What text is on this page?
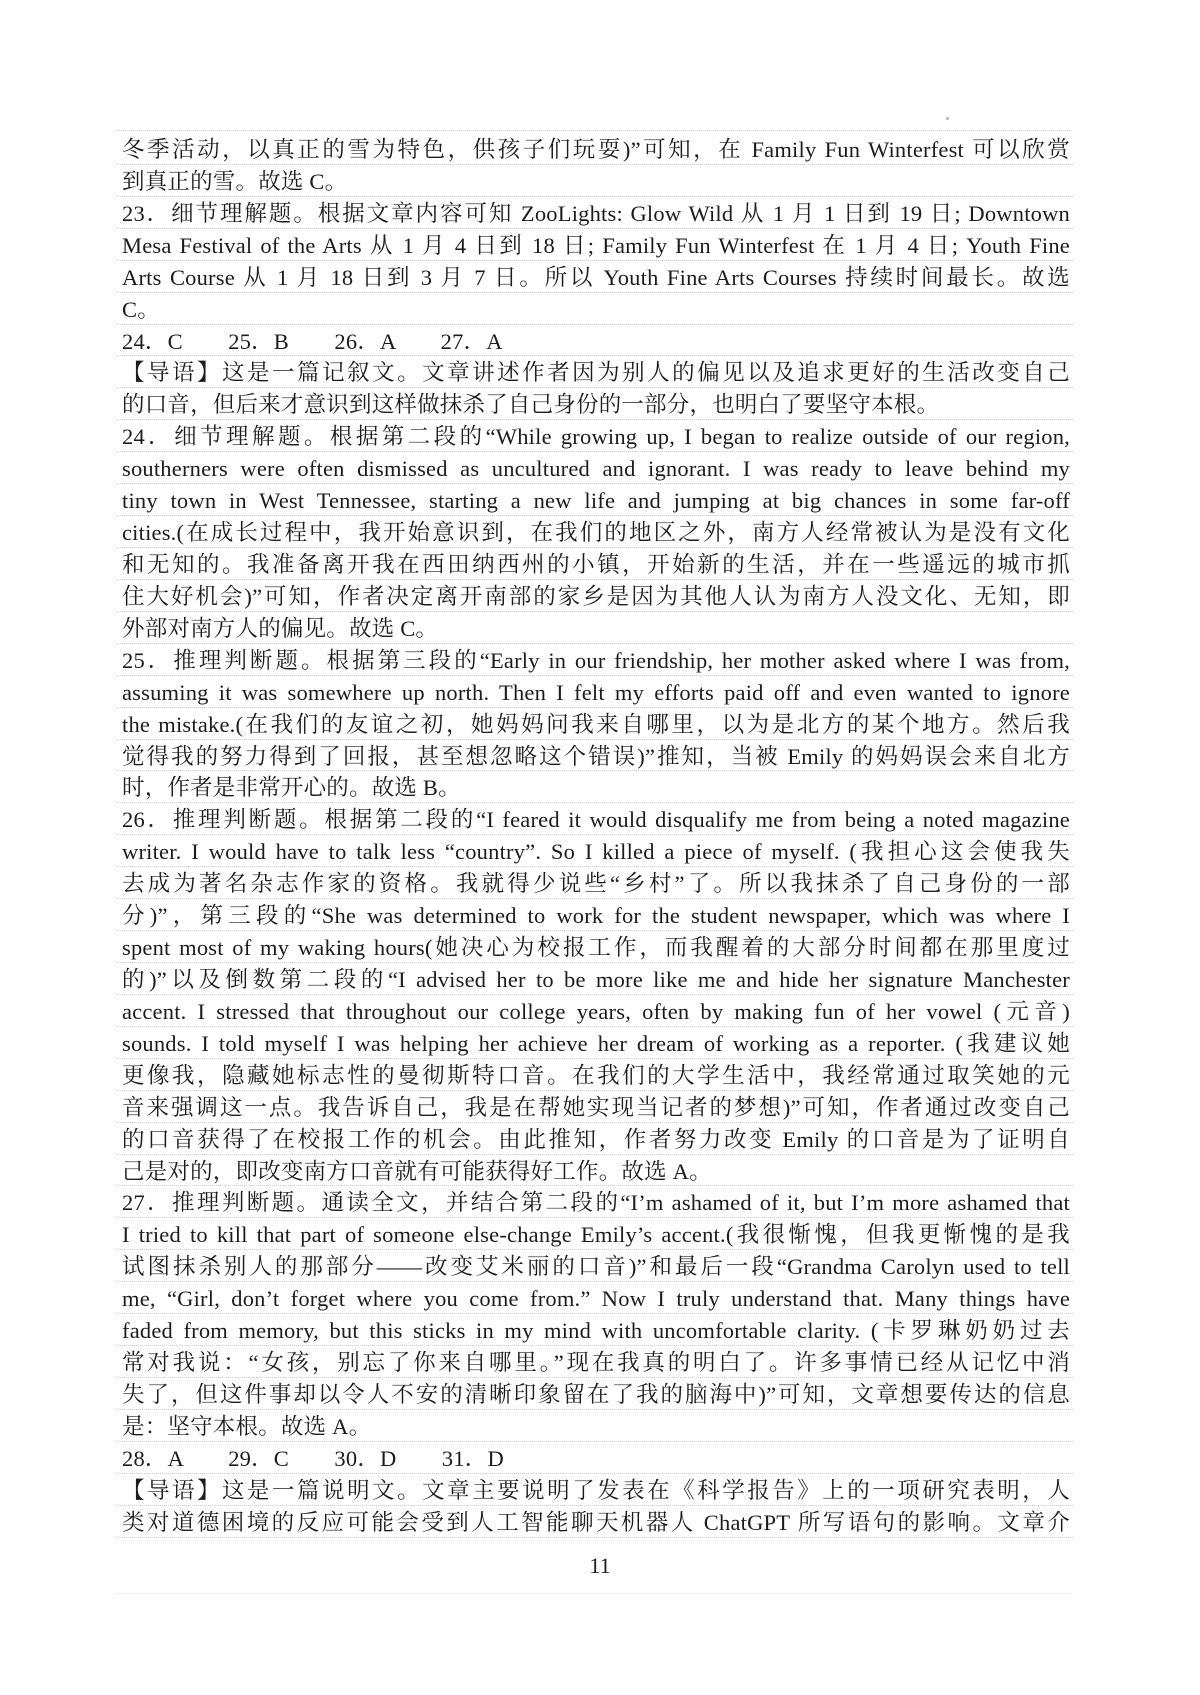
冬季活动，以真正的雪为特色，供孩子们玩耍)”可知，在 Family Fun Winterfest 可以欣赏
到真正的雪。故选 C。
23．细节理解题。根据文章内容可知 ZooLights: Glow Wild 从 1 月 1 日到 19 日; Downtown
Mesa Festival of the Arts 从 1 月 4 日到 18 日; Family Fun Winterfest 在 1 月 4 日; Youth Fine
Arts Course 从 1 月 18 日到 3 月 7 日。所以 Youth Fine Arts Courses 持续时间最长。故选
C。
24．C　　25．B　　26．A　　27．A
【导语】这是一篇记叙文。文章讲述作者因为别人的偏见以及追求更好的生活改变自己
的口音，但后来才意识到这样做抹杀了自己身份的一部分，也明白了要坚守本根。
24．细节理解题。根据第二段的“While growing up, I began to realize outside of our region,
southerners were often dismissed as uncultured and ignorant. I was ready to leave behind my
tiny town in West Tennessee, starting a new life and jumping at big chances in some far-off
cities.(在成长过程中，我开始意识到，在我们的地区之外，南方人经常被认为是没有文化
和无知的。我准备离开我在西田纳西州的小镇，开始新的生活，并在一些遥远的城市抓
住大好机会)”可知，作者决定离开南部的家乡是因为其他人认为南方人没文化、无知，即
外部对南方人的偏见。故选 C。
25．推理判断题。根据第三段的“Early in our friendship, her mother asked where I was from,
assuming it was somewhere up north. Then I felt my efforts paid off and even wanted to ignore
the mistake.(在我们的友谊之初，她妈妈问我来自哪里，以为是北方的某个地方。然后我
觉得我的努力得到了回报，甚至想忽略这个错误)”推知，当被 Emily 的妈妈误会来自北方
时，作者是非常开心的。故选 B。
26．推理判断题。根据第二段的“I feared it would disqualify me from being a noted magazine
writer. I would have to talk less “country”. So I killed a piece of myself. (我担心这会使我失
去成为著名杂志作家的资格。我就得少说些“乡村”了。所以我抹杀了自己身份的一部
分)”，第三段的“She was determined to work for the student newspaper, which was where I
spent most of my waking hours(她决心为校报工作，而我醒着的大部分时间都在那里度过
的)”以及倒数第二段的“I advised her to be more like me and hide her signature Manchester
accent. I stressed that throughout our college years, often by making fun of her vowel (元音)
sounds. I told myself I was helping her achieve her dream of working as a reporter. (我建议她
更像我，隐藏她标志性的曼彻斯特口音。在我们的大学生活中，我经常通过取笑她的元
音来强调这一点。我告诉自己，我是在帮她实现当记者的梦想)”可知，作者通过改变自己
的口音获得了在校报工作的机会。由此推知，作者努力改变 Emily 的口音是为了证明自
己是对的，即改变南方口音就有可能获得好工作。故选 A。
27．推理判断题。通读全文，并结合第二段的“I’m ashamed of it, but I’m more ashamed that
I tried to kill that part of someone else-change Emily’s accent.(我很惭愧，但我更惭愧的是我
试图抹杀别人的那部分——改变艾米丽的口音)”和最后一段“Grandma Carolyn used to tell
me, “Girl, don’t forget where you come from.” Now I truly understand that. Many things have
faded from memory, but this sticks in my mind with uncomfortable clarity. (卡罗琳奶奶过去
常对我说：“女孩，别忘了你来自哪里。”现在我真的明白了。许多事情已经从记忆中消
失了，但这件事却以令人不安的清晰印象留在了我的脑海中)”可知，文章想要传达的信息
是：坚守本根。故选 A。
28．A　　29．C　　30．D　　31．D
【导语】这是一篇说明文。文章主要说明了发表在《科学报告》上的一项研究表明，人
类对道德困境的反应可能会受到人工智能聊天机器人 ChatGPT 所写语句的影响。文章介
11
